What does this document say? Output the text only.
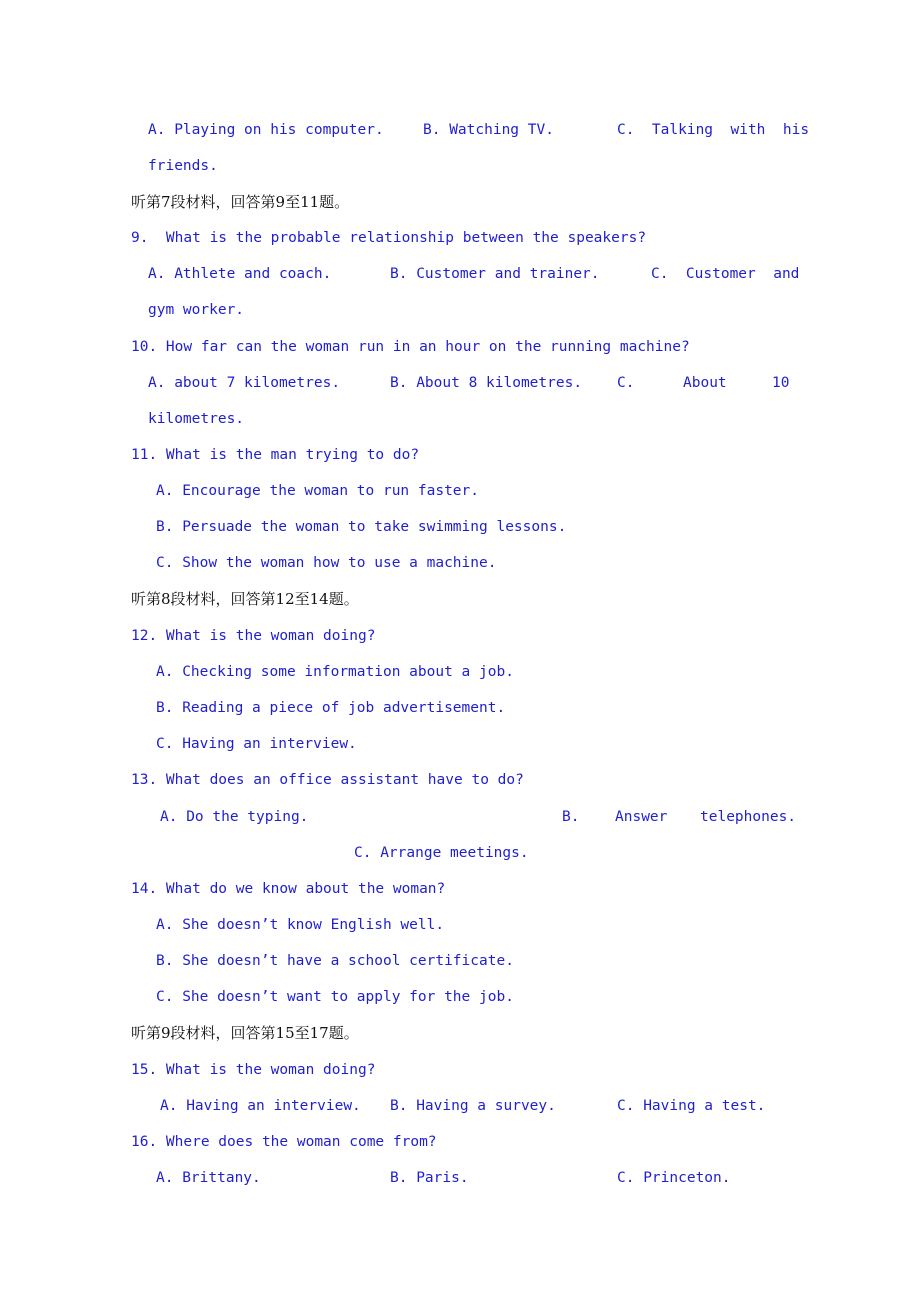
A. Playing on his computer.	B. Watching TV.	C.  Talking  with  his
friends.
听第7段材料，回答第9至11题。
9.  What is the probable relationship between the speakers?
A. Athlete and coach.	B. Customer and trainer.	C.  Customer  and
gym worker.
10. How far can the woman run in an hour on the running machine?
A. about 7 kilometres.	B. About 8 kilometres. C.	About	10
kilometres.
11. What is the man trying to do?
A. Encourage the woman to run faster.
B. Persuade the woman to take swimming lessons.
C. Show the woman how to use a machine.
听第8段材料，回答第12至14题。
12. What is the woman doing?
A. Checking some information about a job.
B. Reading a piece of job advertisement.
C. Having an interview.
13. What does an office assistant have to do?
A. Do the typing.	B. Answer telephones.
C. Arrange meetings.
14. What do we know about the woman?
A. She doesn’t know English well.
B. She doesn’t have a school certificate.
C. She doesn’t want to apply for the job.
听第9段材料，回答第15至17题。
15. What is the woman doing?
A. Having an interview. B. Having a survey.	C. Having a test.
16. Where does the woman come from?
A. Brittany.	B. Paris.	C. Princeton.
